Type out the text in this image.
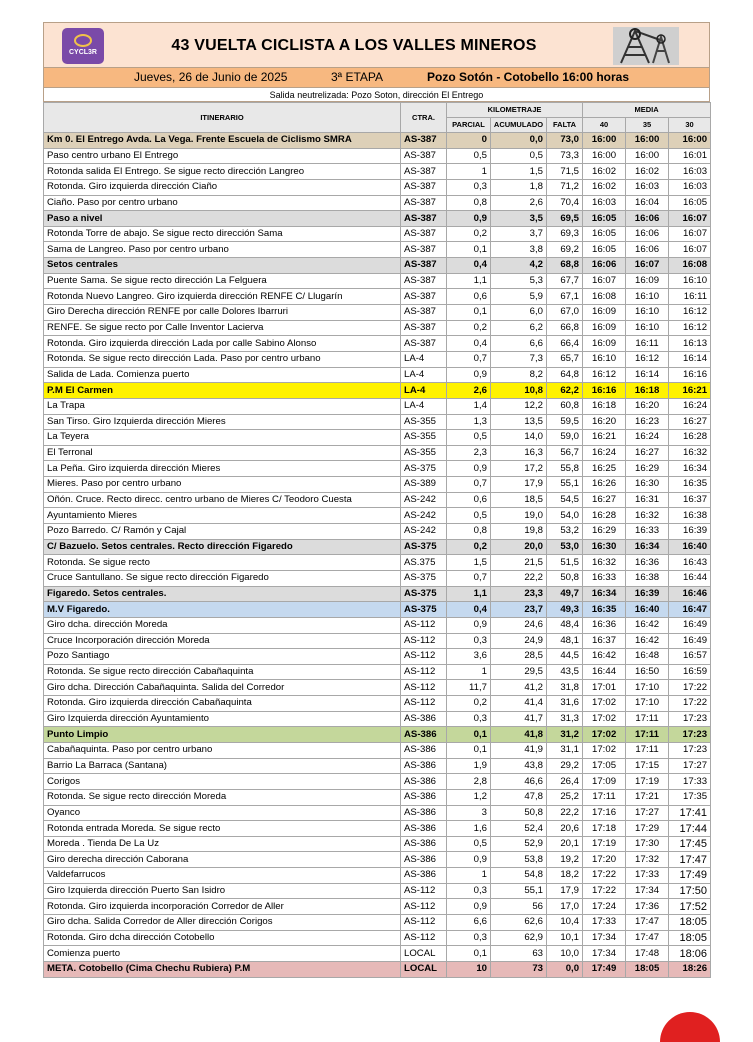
CYCL3R	43 VUELTA CICLISTA A LOS VALLES MINEROS
Jueves, 26 de Junio de 2025	3ª ETAPA	Pozo Sotón - Cotobello 16:00 horas
Salida neutrelizada: Pozo Soton, dirección El Entrego
ITINERARIO	CTRA.	KILOMETRAJE			MEDIA		
		PARCIAL	ACUMULADO	FALTA	40	35	30
Km 0. El Entrego Avda. La Vega. Frente Escuela de Ciclismo SMRA	AS-387	0	0,0	73,0	16:00	16:00	16:00
Paso centro urbano El Entrego	AS-387	0,5	0,5	73,3	16:00	16:00	16:01
Rotonda salida El Entrego. Se sigue recto dirección Langreo	AS-387	1	1,5	71,5	16:02	16:02	16:03
Rotonda. Giro izquierda dirección Ciaño	AS-387	0,3	1,8	71,2	16:02	16:03	16:03
Ciaño. Paso por centro urbano	AS-387	0,8	2,6	70,4	16:03	16:04	16:05
Paso a nivel	AS-387	0,9	3,5	69,5	16:05	16:06	16:07
Rotonda Torre de abajo. Se sigue recto dirección Sama	AS-387	0,2	3,7	69,3	16:05	16:06	16:07
Sama de Langreo. Paso por centro urbano	AS-387	0,1	3,8	69,2	16:05	16:06	16:07
Setos centrales	AS-387	0,4	4,2	68,8	16:06	16:07	16:08
Puente Sama. Se sigue recto dirección La Felguera	AS-387	1,1	5,3	67,7	16:07	16:09	16:10
Rotonda Nuevo Langreo. Giro izquierda dirección RENFE C/ Llugarín	AS-387	0,6	5,9	67,1	16:08	16:10	16:11
Giro Derecha dirección RENFE por calle Dolores Ibarruri	AS-387	0,1	6,0	67,0	16:09	16:10	16:12
RENFE. Se sigue recto por Calle Inventor Lacierva	AS-387	0,2	6,2	66,8	16:09	16:10	16:12
Rotonda. Giro izquierda dirección Lada por calle Sabino Alonso	AS-387	0,4	6,6	66,4	16:09	16:11	16:13
Rotonda. Se sigue recto dirección Lada. Paso por centro urbano	LA-4	0,7	7,3	65,7	16:10	16:12	16:14
Salida de Lada. Comienza puerto	LA-4	0,9	8,2	64,8	16:12	16:14	16:16
P.M El Carmen	LA-4	2,6	10,8	62,2	16:16	16:18	16:21
La Trapa	LA-4	1,4	12,2	60,8	16:18	16:20	16:24
San Tirso. Giro Izquierda dirección Mieres	AS-355	1,3	13,5	59,5	16:20	16:23	16:27
La Teyera	AS-355	0,5	14,0	59,0	16:21	16:24	16:28
El Terronal	AS-355	2,3	16,3	56,7	16:24	16:27	16:32
La Peña. Giro izquierda dirección Mieres	AS-375	0,9	17,2	55,8	16:25	16:29	16:34
Mieres. Paso por centro urbano	AS-389	0,7	17,9	55,1	16:26	16:30	16:35
Oñón. Cruce. Recto direcc. centro urbano de Mieres C/ Teodoro Cuesta	AS-242	0,6	18,5	54,5	16:27	16:31	16:37
Ayuntamiento Mieres	AS-242	0,5	19,0	54,0	16:28	16:32	16:38
Pozo Barredo. C/ Ramón y Cajal	AS-242	0,8	19,8	53,2	16:29	16:33	16:39
C/ Bazuelo. Setos centrales. Recto dirección Figaredo	AS-375	0,2	20,0	53,0	16:30	16:34	16:40
Rotonda. Se sigue recto	AS.375	1,5	21,5	51,5	16:32	16:36	16:43
Cruce Santullano. Se sigue recto dirección Figaredo	AS-375	0,7	22,2	50,8	16:33	16:38	16:44
Figaredo. Setos centrales.	AS-375	1,1	23,3	49,7	16:34	16:39	16:46
M.V Figaredo.	AS-375	0,4	23,7	49,3	16:35	16:40	16:47
Giro dcha. dirección Moreda	AS-112	0,9	24,6	48,4	16:36	16:42	16:49
Cruce Incorporación dirección Moreda	AS-112	0,3	24,9	48,1	16:37	16:42	16:49
Pozo Santiago	AS-112	3,6	28,5	44,5	16:42	16:48	16:57
Rotonda. Se sigue recto dirección Cabañaquinta	AS-112	1	29,5	43,5	16:44	16:50	16:59
Giro dcha. Dirección Cabañaquinta. Salida del Corredor	AS-112	11,7	41,2	31,8	17:01	17:10	17:22
Rotonda. Giro izquierda dirección Cabañaquinta	AS-112	0,2	41,4	31,6	17:02	17:10	17:22
Giro Izquierda dirección Ayuntamiento	AS-386	0,3	41,7	31,3	17:02	17:11	17:23
Punto Limpio	AS-386	0,1	41,8	31,2	17:02	17:11	17:23
Cabañaquinta. Paso por centro urbano	AS-386	0,1	41,9	31,1	17:02	17:11	17:23
Barrio La Barraca (Santana)	AS-386	1,9	43,8	29,2	17:05	17:15	17:27
Corigos	AS-386	2,8	46,6	26,4	17:09	17:19	17:33
Rotonda. Se sigue recto dirección Moreda	AS-386	1,2	47,8	25,2	17:11	17:21	17:35
Oyanco	AS-386	3	50,8	22,2	17:16	17:27	17:41
Rotonda entrada Moreda. Se sigue recto	AS-386	1,6	52,4	20,6	17:18	17:29	17:44
Moreda . Tienda De La Uz	AS-386	0,5	52,9	20,1	17:19	17:30	17:45
Giro derecha dirección Caborana	AS-386	0,9	53,8	19,2	17:20	17:32	17:47
Valdefarrucos	AS-386	1	54,8	18,2	17:22	17:33	17:49
Giro Izquierda dirección Puerto San Isidro	AS-112	0,3	55,1	17,9	17:22	17:34	17:50
Rotonda. Giro izquierda incorporación Corredor de Aller	AS-112	0,9	56	17,0	17:24	17:36	17:52
Giro dcha. Salida Corredor de Aller dirección Corigos	AS-112	6,6	62,6	10,4	17:33	17:47	18:05
Rotonda. Giro dcha dirección Cotobello	AS-112	0,3	62,9	10,1	17:34	17:47	18:05
Comienza puerto	LOCAL	0,1	63	10,0	17:34	17:48	18:06
META. Cotobello (Cima Chechu Rubiera) P.M	LOCAL	10	73	0,0	17:49	18:05	18:26
